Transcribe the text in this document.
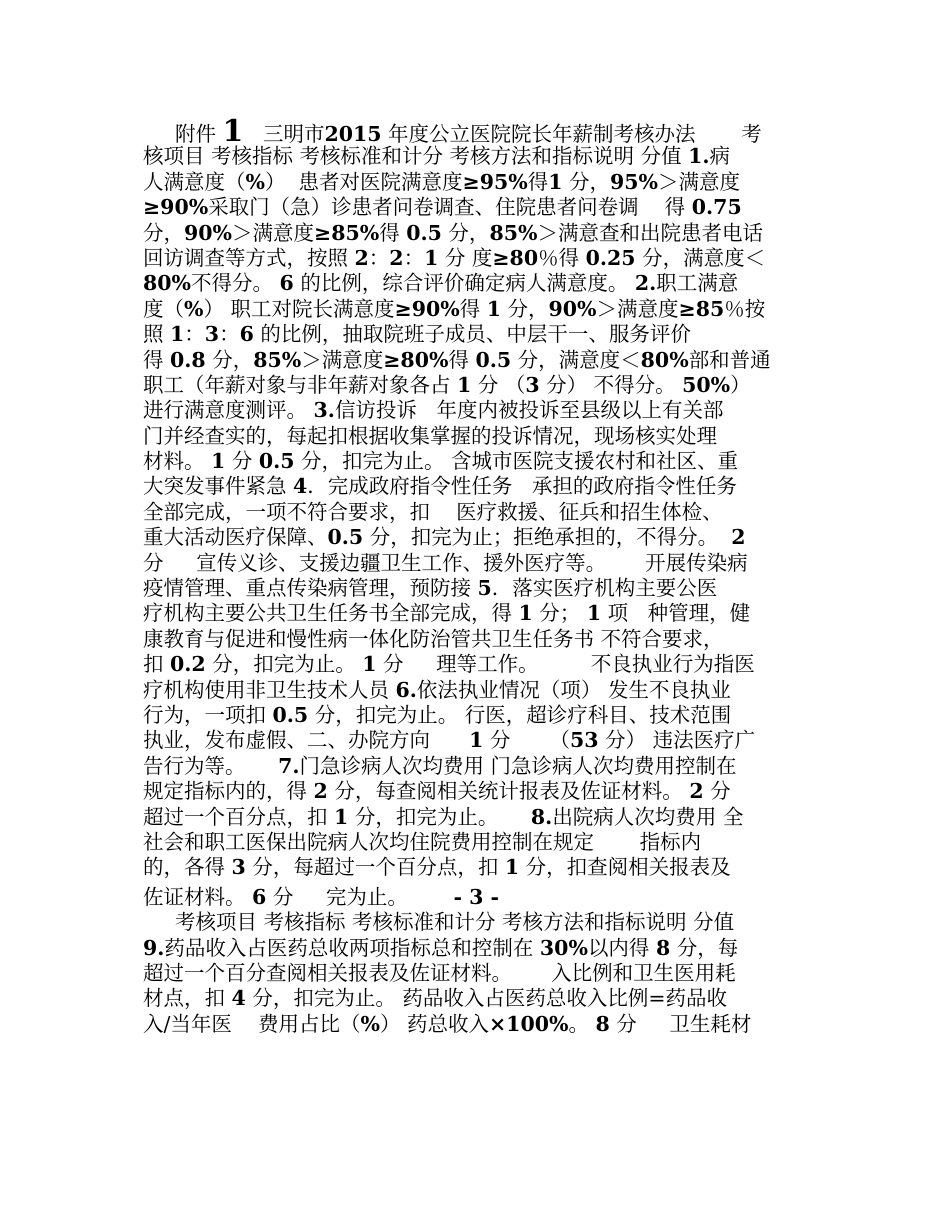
附件 1   三明市2015 年度公立医院院长年薪制考核办法       考
核项目 考核指标 考核标准和计分 考核方法和指标说明 分值 1.病
人满意度（%）  患者对医院满意度≥95%得1 分，95%＞满意度
≥90%采取门（急）诊患者问卷调查、住院患者问卷调    得 0.75
分，90%＞满意度≥85%得 0.5 分，85%＞满意查和出院患者电话
回访调查等方式，按照 2：2：1 分 度≥80％得 0.25 分，满意度＜
80%不得分。 6 的比例，综合评价确定病人满意度。 2.职工满意
度（%） 职工对院长满意度≥90%得 1 分，90%＞满意度≥85％按
照 1：3：6 的比例，抽取院班子成员、中层干一、服务评价
得 0.8 分，85%＞满意度≥80%得 0.5 分，满意度＜80%部和普通
职工（年薪对象与非年薪对象各占 1 分 （3 分） 不得分。 50%）
进行满意度测评。 3.信访投诉   年度内被投诉至县级以上有关部
门并经查实的，每起扣根据收集掌握的投诉情况，现场核实处理
材料。 1 分 0.5 分，扣完为止。 含城市医院支援农村和社区、重
大突发事件紧急 4．完成政府指令性任务   承担的政府指令性任务
全部完成，一项不符合要求，扣    医疗救援、征兵和招生体检、
重大活动医疗保障、0.5 分，扣完为止；拒绝承担的，不得分。  2
分     宣传义诊、支援边疆卫生工作、援外医疗等。      开展传染病
疫情管理、重点传染病管理，预防接 5．落实医疗机构主要公医
疗机构主要公共卫生任务书全部完成，得 1 分； 1 项   种管理，健
康教育与促进和慢性病一体化防治管共卫生任务书 不符合要求，
扣 0.2 分，扣完为止。 1 分     理等工作。        不良执业行为指医
疗机构使用非卫生技术人员 6.依法执业情况（项） 发生不良执业
行为，一项扣 0.5 分，扣完为止。 行医，超诊疗科目、技术范围
执业，发布虚假、二、办院方向      1 分      （53 分） 违法医疗广
告行为等。     7.门急诊病人次均费用 门急诊病人次均费用控制在
规定指标内的，得 2 分，每查阅相关统计报表及佐证材料。 2 分
超过一个百分点，扣 1 分，扣完为止。     8.出院病人次均费用 全
社会和职工医保出院病人次均住院费用控制在规定       指标内
的，各得 3 分，每超过一个百分点，扣 1 分，扣查阅相关报表及
佐证材料。 6 分     完为止。       - 3 -
考核项目 考核指标 考核标准和计分 考核方法和指标说明 分值
9.药品收入占医药总收两项指标总和控制在 30%以内得 8 分，每
超过一个百分查阅相关报表及佐证材料。      入比例和卫生医用耗
材点，扣 4 分，扣完为止。 药品收入占医药总收入比例=药品收
入/当年医    费用占比（%） 药总收入×100%。 8 分     卫生耗材
